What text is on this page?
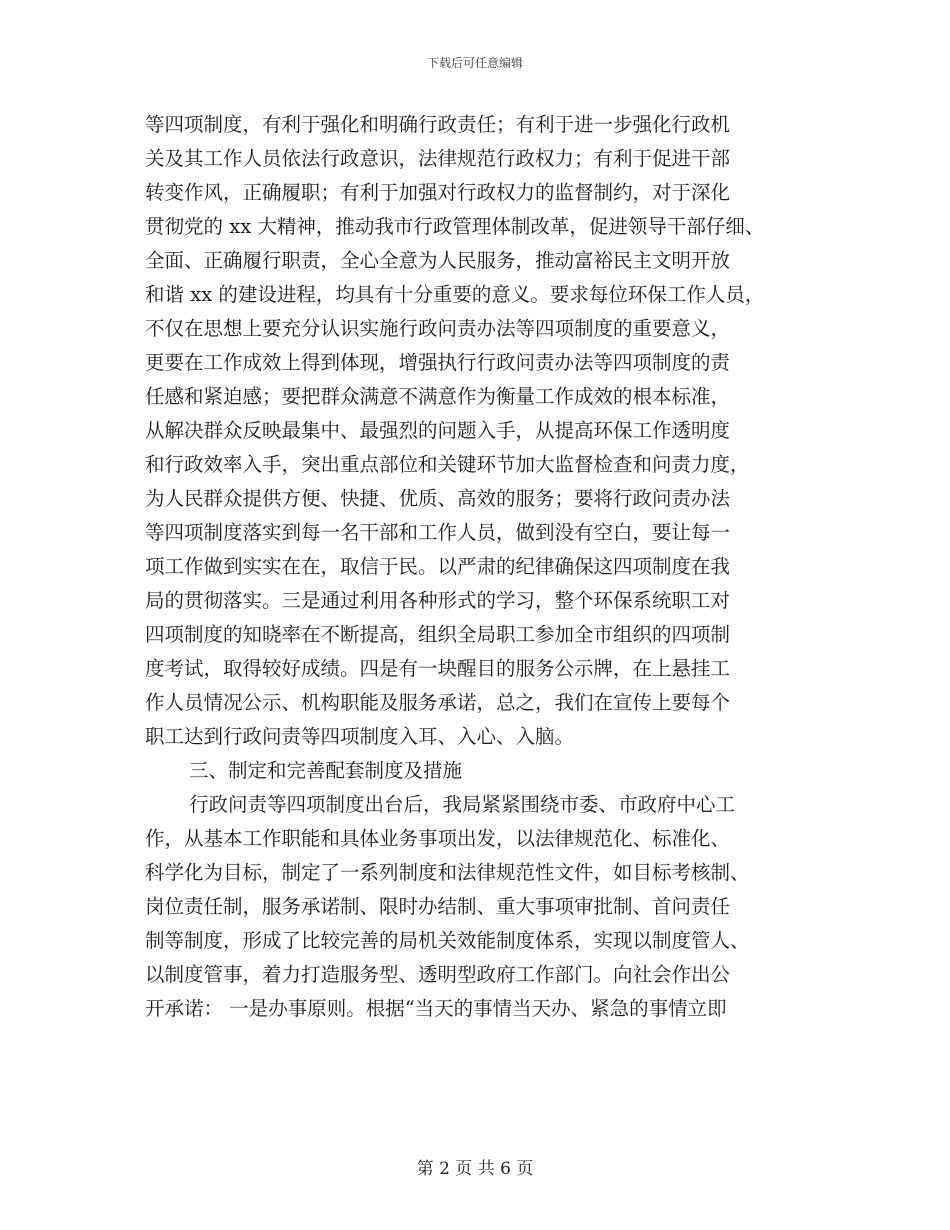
下载后可任意编辑
等四项制度，有利于强化和明确行政责任；有利于进一步强化行政机
关及其工作人员依法行政意识，法律规范行政权力；有利于促进干部
转变作风，正确履职；有利于加强对行政权力的监督制约，对于深化
贯彻党的 xx 大精神，推动我市行政管理体制改革，促进领导干部仔细、
全面、正确履行职责，全心全意为人民服务，推动富裕民主文明开放
和谐 xx 的建设进程，均具有十分重要的意义。要求每位环保工作人员，
不仅在思想上要充分认识实施行政问责办法等四项制度的重要意义，
更要在工作成效上得到体现，增强执行行政问责办法等四项制度的责
任感和紧迫感；要把群众满意不满意作为衡量工作成效的根本标准，
从解决群众反映最集中、最强烈的问题入手，从提高环保工作透明度
和行政效率入手，突出重点部位和关键环节加大监督检查和问责力度，
为人民群众提供方便、快捷、优质、高效的服务；要将行政问责办法
等四项制度落实到每一名干部和工作人员，做到没有空白，要让每一
项工作做到实实在在，取信于民。以严肃的纪律确保这四项制度在我
局的贯彻落实。三是通过利用各种形式的学习，整个环保系统职工对
四项制度的知晓率在不断提高，组织全局职工参加全市组织的四项制
度考试，取得较好成绩。四是有一块醒目的服务公示牌，在上悬挂工
作人员情况公示、机构职能及服务承诺，总之，我们在宣传上要每个
职工达到行政问责等四项制度入耳、入心、入脑。
三、制定和完善配套制度及措施
行政问责等四项制度出台后，我局紧紧围绕市委、市政府中心工
作，从基本工作职能和具体业务事项出发，以法律规范化、标准化、
科学化为目标，制定了一系列制度和法律规范性文件，如目标考核制、
岗位责任制，服务承诺制、限时办结制、重大事项审批制、首问责任
制等制度，形成了比较完善的局机关效能制度体系，实现以制度管人、
以制度管事，着力打造服务型、透明型政府工作部门。向社会作出公
开承诺： 一是办事原则。根据“当天的事情当天办、紧急的事情立即
第 2 页 共 6 页
